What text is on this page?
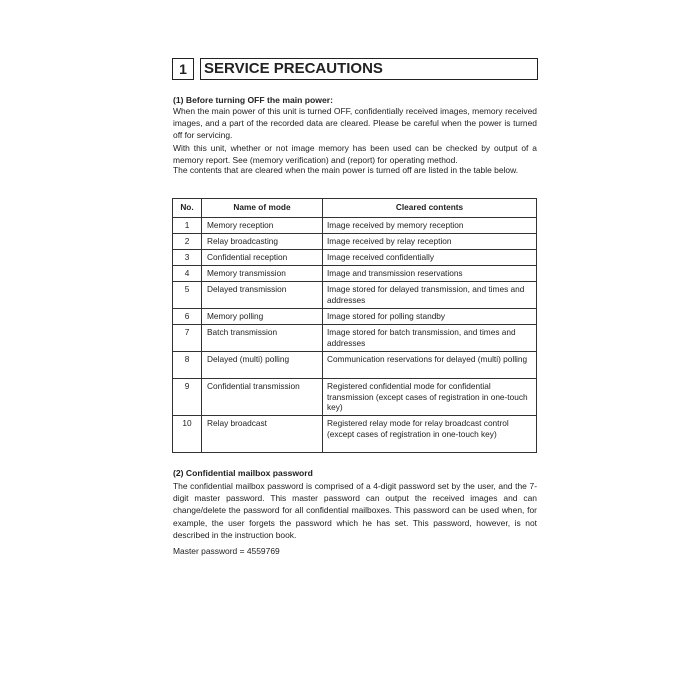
1	SERVICE PRECAUTIONS
(1) Before turning OFF the main power:

When the main power of this unit is turned OFF, confidentially received images, memory received images, and a part of the recorded data are cleared. Please be careful when the power is turned off for servicing.

With this unit, whether or not image memory has been used can be checked by output of a memory report. See (memory verification) and (report) for operating method.

The contents that are cleared when the main power is turned off are listed in the table below.

No.	Name of mode	Cleared contents
1	Memory reception	Image received by memory reception
2	Relay broadcasting	Image received by relay reception
3	Confidential reception	Image received confidentially
4	Memory transmission	Image and transmission reservations
5	Delayed transmission	Image stored for delayed transmission, and times and addresses
6	Memory polling	Image stored for polling standby
7	Batch transmission	Image stored for batch transmission, and times and addresses
8	Delayed (multi) polling	Communication reservations for delayed (multi) polling
9	Confidential transmission	Registered confidential mode for confidential transmission (except cases of registration in one-touch key)
10	Relay broadcast	Registered relay mode for relay broadcast control (except cases of registration in one-touch key)
(2) Confidential mailbox password

The confidential mailbox password is comprised of a 4-digit password set by the user, and the 7-digit master password. This master password can output the received images and can change/delete the password for all confidential mailboxes. This password can be used when, for example, the user forgets the password which he has set. This password, however, is not described in the instruction book.

Master password = 4559769
